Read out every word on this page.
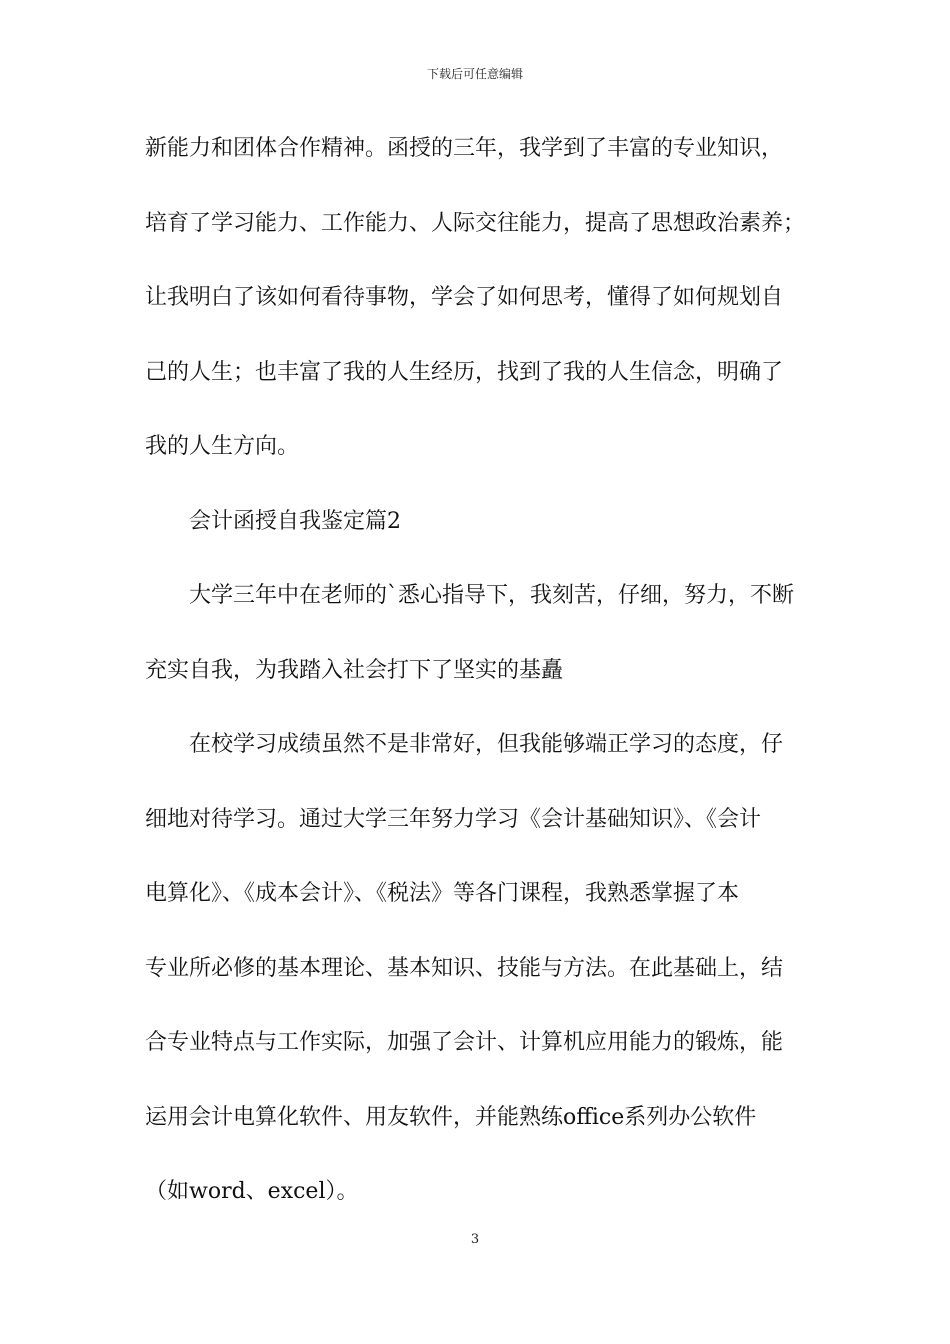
下载后可任意编辑
新能力和团体合作精神。函授的三年，我学到了丰富的专业知识，
培育了学习能力、工作能力、人际交往能力，提高了思想政治素养；
让我明白了该如何看待事物，学会了如何思考，懂得了如何规划自
己的人生；也丰富了我的人生经历，找到了我的人生信念，明确了
我的人生方向。
会计函授自我鉴定篇2
大学三年中在老师的`悉心指导下，我刻苦，仔细，努力，不断
充实自我，为我踏入社会打下了坚实的基矗
在校学习成绩虽然不是非常好，但我能够端正学习的态度，仔
细地对待学习。通过大学三年努力学习《会计基础知识》、《会计
电算化》、《成本会计》、《税法》等各门课程，我熟悉掌握了本
专业所必修的基本理论、基本知识、技能与方法。在此基础上，结
合专业特点与工作实际，加强了会计、计算机应用能力的锻炼，能
运用会计电算化软件、用友软件，并能熟练office系列办公软件
（如word、excel）。
3
